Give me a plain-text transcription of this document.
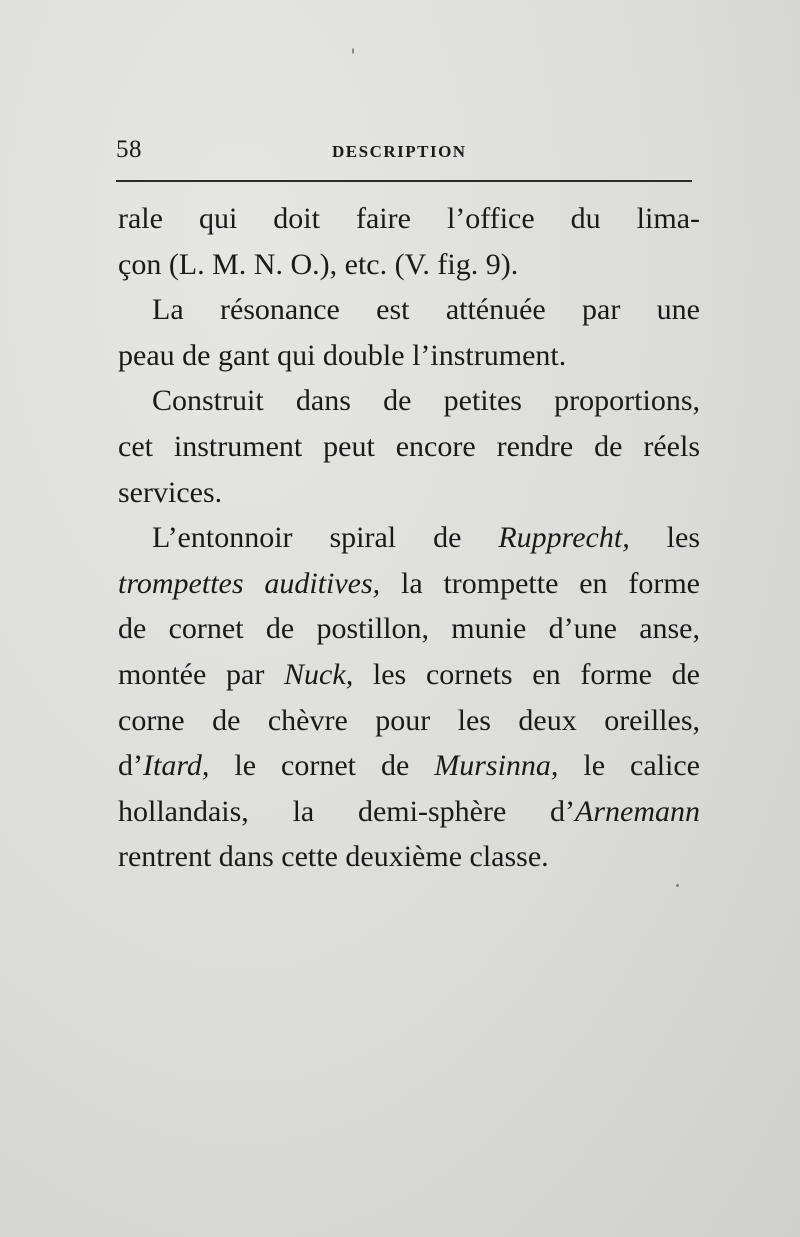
58	DESCRIPTION
rale qui doit faire l’office du lima-
çon (L. M. N. O.), etc. (V. fig. 9).
La résonance est atténuée par une
peau de gant qui double l’instrument.
Construit dans de petites proportions,
cet instrument peut encore rendre de réels
services.
L’entonnoir spiral de Rupprecht, les
trompettes auditives, la trompette en forme
de cornet de postillon, munie d’une anse,
montée par Nuck, les cornets en forme de
corne de chèvre pour les deux oreilles,
d’Itard, le cornet de Mursinna, le calice
hollandais, la demi-sphère d’Arnemann
rentrent dans cette deuxième classe.
